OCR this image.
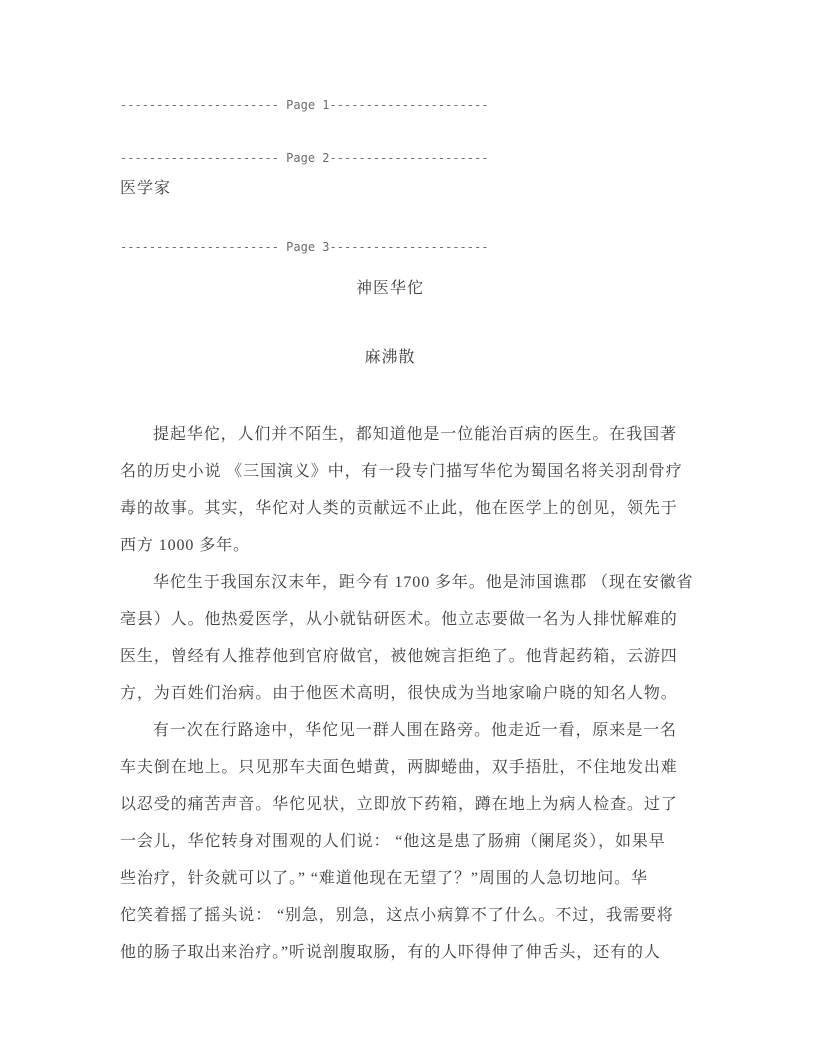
---------------------- Page 1----------------------
---------------------- Page 2----------------------
医学家
---------------------- Page 3----------------------
神医华佗
麻沸散
提起华佗，人们并不陌生，都知道他是一位能治百病的医生。在我国著
名的历史小说 《三国演义》中，有一段专门描写华佗为蜀国名将关羽刮骨疗
毒的故事。其实，华佗对人类的贡献远不止此，他在医学上的创见，领先于
西方 1000 多年。
华佗生于我国东汉末年，距今有 1700 多年。他是沛国谯郡 （现在安徽省
亳县）人。他热爱医学，从小就钻研医术。他立志要做一名为人排忧解难的
医生，曾经有人推荐他到官府做官，被他婉言拒绝了。他背起药箱，云游四
方，为百姓们治病。由于他医术高明，很快成为当地家喻户晓的知名人物。
有一次在行路途中，华佗见一群人围在路旁。他走近一看，原来是一名
车夫倒在地上。只见那车夫面色蜡黄，两脚蜷曲，双手捂肚，不住地发出难
以忍受的痛苦声音。华佗见状，立即放下药箱，蹲在地上为病人检查。过了
一会儿，华佗转身对围观的人们说： “他这是患了肠痈（阑尾炎），如果早
些治疗，针灸就可以了。” “难道他现在无望了？”周围的人急切地问。华
佗笑着摇了摇头说： “别急，别急，这点小病算不了什么。不过，我需要将
他的肠子取出来治疗。”听说剖腹取肠，有的人吓得伸了伸舌头，还有的人
